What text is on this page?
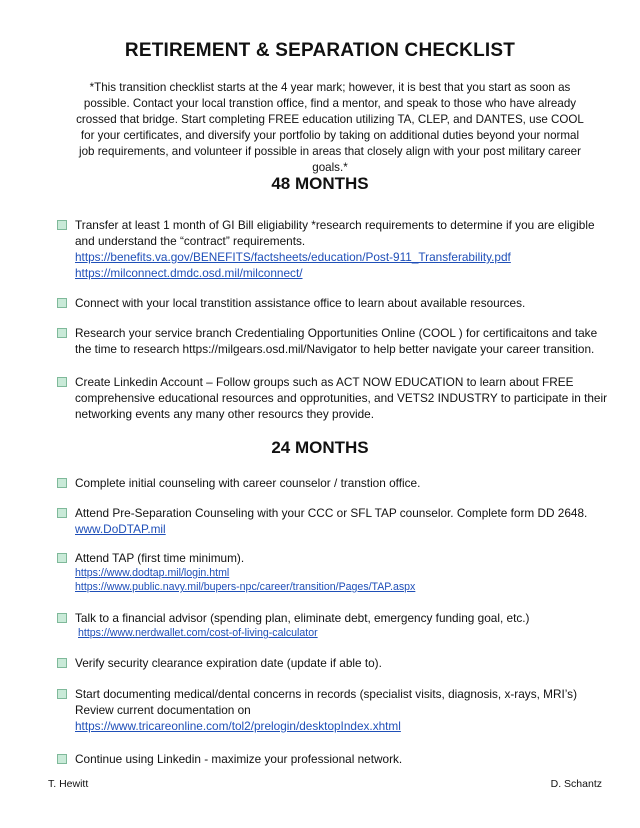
RETIREMENT & SEPARATION CHECKLIST
*This transition checklist starts at the 4 year mark; however, it is best that you start as soon as possible. Contact your local transtion office, find a mentor, and speak to those who have already crossed that bridge. Start completing FREE education utilizing TA, CLEP, and DANTES, use COOL for your certificates, and diversify your portfolio by taking on additional duties beyond your normal job requirements, and volunteer if possible in areas that closely align with your post military career goals.*
48 MONTHS
Transfer at least 1 month of GI Bill eligiability *research requirements to determine if you are eligible and understand the “contract” requirements.
https://benefits.va.gov/BENEFITS/factsheets/education/Post-911_Transferability.pdf
https://milconnect.dmdc.osd.mil/milconnect/
Connect with your local transtition assistance office to learn about available resources.
Research your service branch Credentialing Opportunities Online (COOL ) for certificaitons and take the time to research https://milgears.osd.mil/Navigator to help better navigate your career transition.
Create Linkedin Account – Follow groups such as ACT NOW EDUCATION to learn about FREE comprehensive educational resources and opprotunities, and VETS2 INDUSTRY to participate in their networking events any many other resourcs they provide.
24 MONTHS
Complete initial counseling with career counselor / transtion office.
Attend Pre-Separation Counseling with your CCC or SFL TAP counselor. Complete form DD 2648.
www.DoDTAP.mil
Attend TAP (first time minimum).
https://www.dodtap.mil/login.html
https://www.public.navy.mil/bupers-npc/career/transition/Pages/TAP.aspx
Talk to a financial advisor (spending plan, eliminate debt, emergency funding goal, etc.)
https://www.nerdwallet.com/cost-of-living-calculator
Verify security clearance expiration date (update if able to).
Start documenting medical/dental concerns in records (specialist visits, diagnosis, x-rays, MRI’s) Review current documentation on
https://www.tricareonline.com/tol2/prelogin/desktopIndex.xhtml
Continue using Linkedin - maximize your professional network.
T. Hewitt	D. Schantz
